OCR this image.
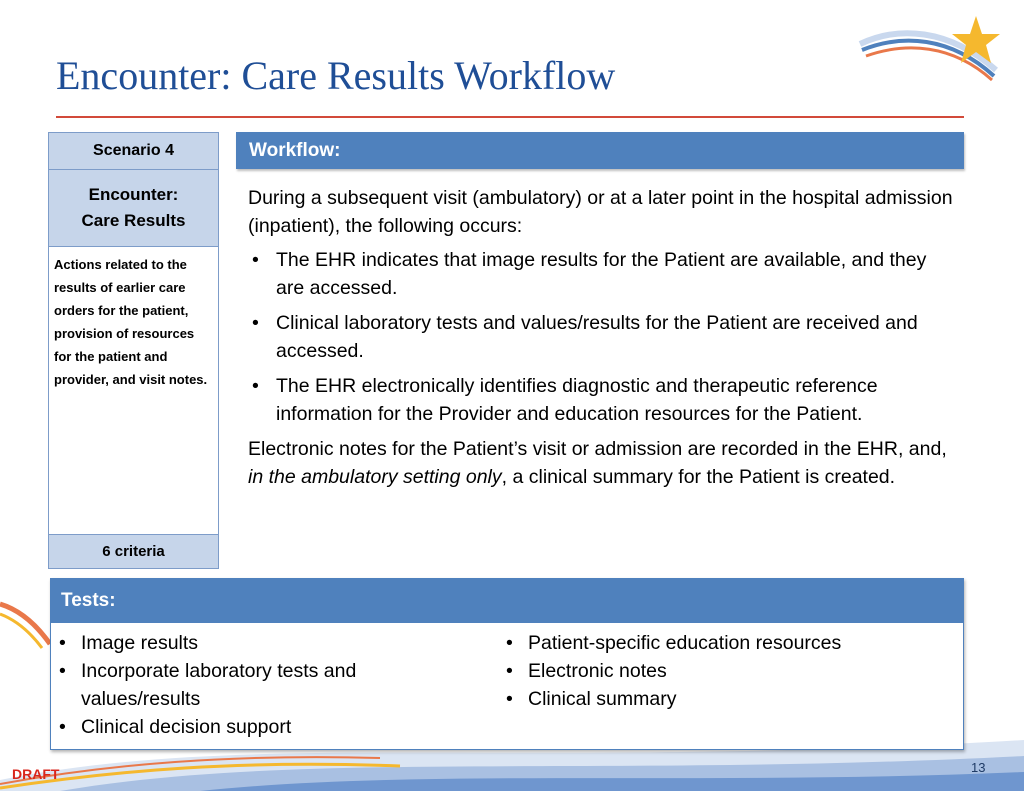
Encounter: Care Results Workflow
Scenario 4
Encounter:
Care Results
Actions related to the results of earlier care orders for the patient, provision of resources for the patient and provider, and visit notes.
6 criteria
Workflow:

During a subsequent visit (ambulatory) or at a later point in the hospital admission (inpatient), the following occurs:

• The EHR indicates that image results for the Patient are available, and they are accessed.
• Clinical laboratory tests and values/results for the Patient are received and accessed.
• The EHR electronically identifies diagnostic and therapeutic reference information for the Provider and education resources for the Patient.

Electronic notes for the Patient’s visit or admission are recorded in the EHR, and, in the ambulatory setting only, a clinical summary for the Patient is created.

Tests:
• Image results
• Incorporate laboratory tests and values/results
• Clinical decision support
• Patient-specific education resources
• Electronic notes
• Clinical summary
DRAFT	13
